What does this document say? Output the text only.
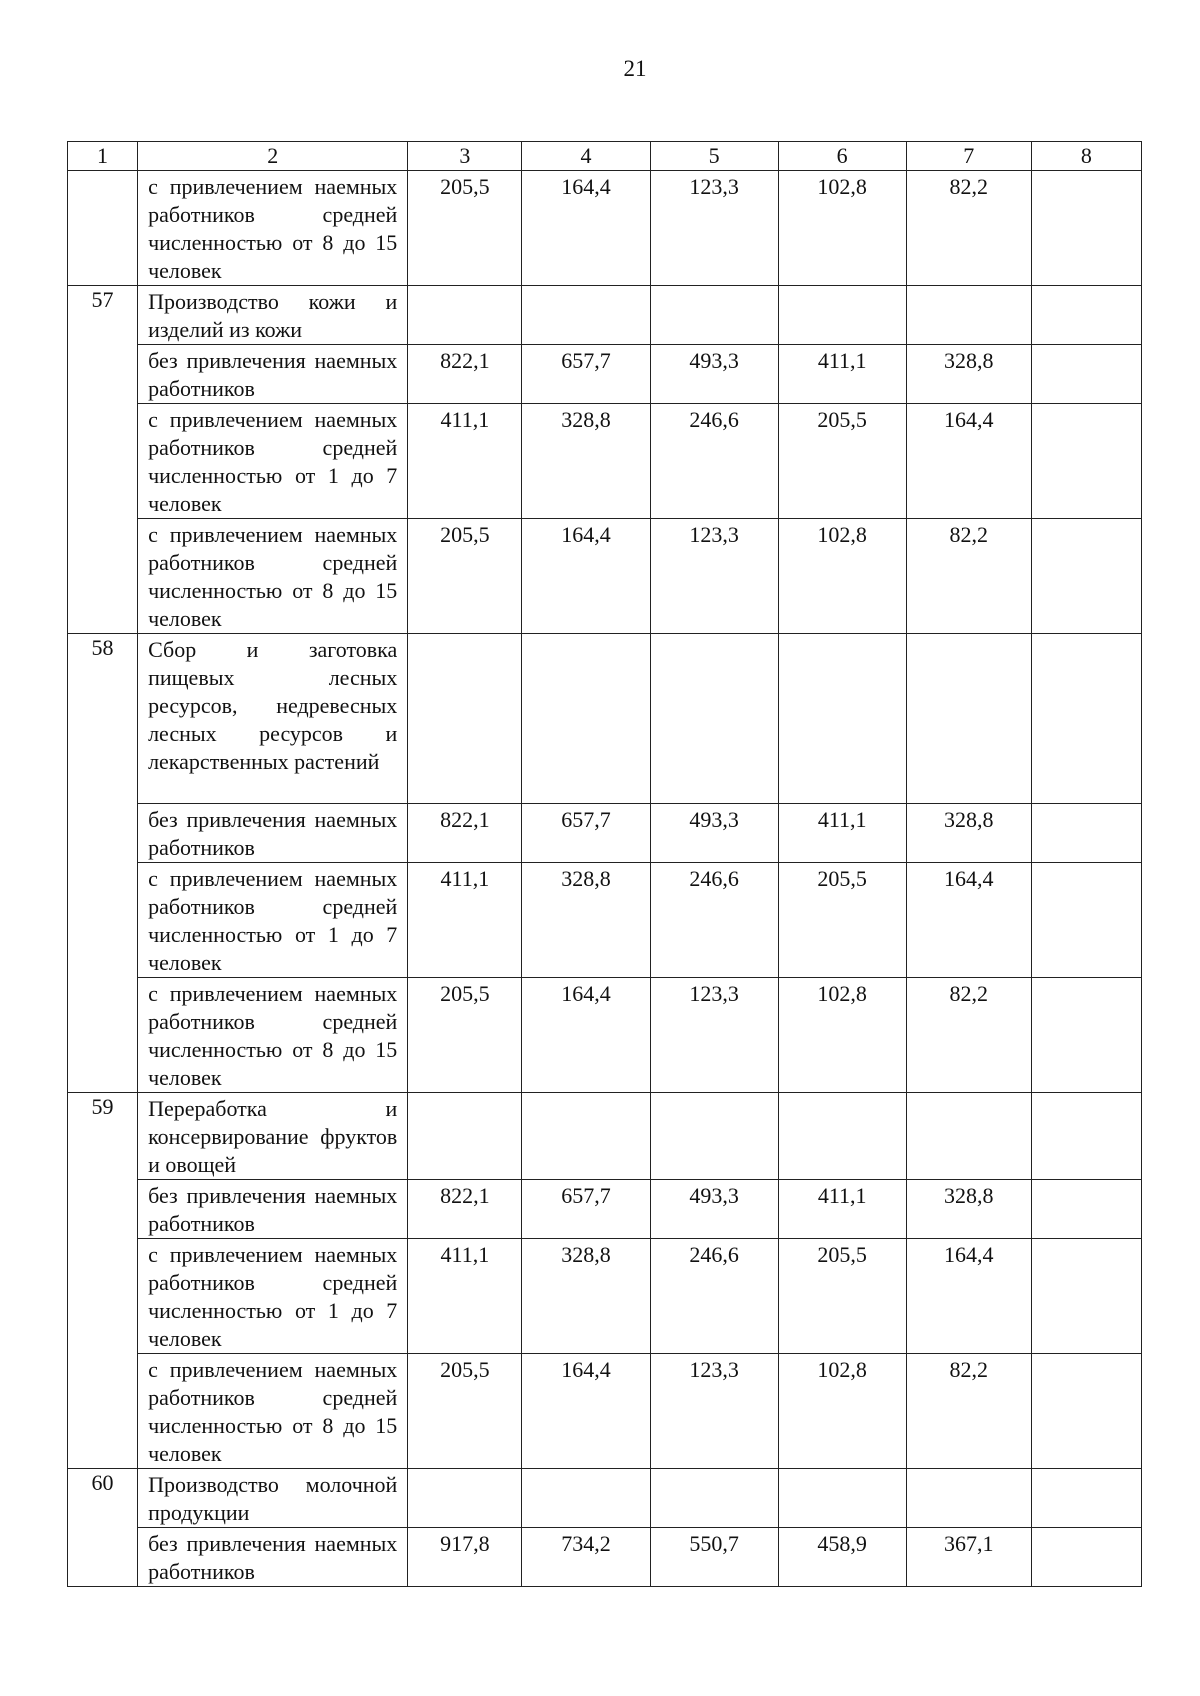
21
1	2	3	4	5	6	7	8
	с привлечением наемных работников средней численностью от 8 до 15 человек	205,5	164,4	123,3	102,8	82,2	
57	Производство кожи и изделий из кожи						
	без привлечения наемных работников	822,1	657,7	493,3	411,1	328,8	
	с привлечением наемных работников средней численностью от 1 до 7 человек	411,1	328,8	246,6	205,5	164,4	
	с привлечением наемных работников средней численностью от 8 до 15 человек	205,5	164,4	123,3	102,8	82,2	
58	Сбор и заготовка пищевых лесных ресурсов, недревесных лесных ресурсов и лекарственных растений						
	без привлечения наемных работников	822,1	657,7	493,3	411,1	328,8	
	с привлечением наемных работников средней численностью от 1 до 7 человек	411,1	328,8	246,6	205,5	164,4	
	с привлечением наемных работников средней численностью от 8 до 15 человек	205,5	164,4	123,3	102,8	82,2	
59	Переработка и консервирование фруктов и овощей						
	без привлечения наемных работников	822,1	657,7	493,3	411,1	328,8	
	с привлечением наемных работников средней численностью от 1 до 7 человек	411,1	328,8	246,6	205,5	164,4	
	с привлечением наемных работников средней численностью от 8 до 15 человек	205,5	164,4	123,3	102,8	82,2	
60	Производство молочной продукции						
	без привлечения наемных работников	917,8	734,2	550,7	458,9	367,1	
